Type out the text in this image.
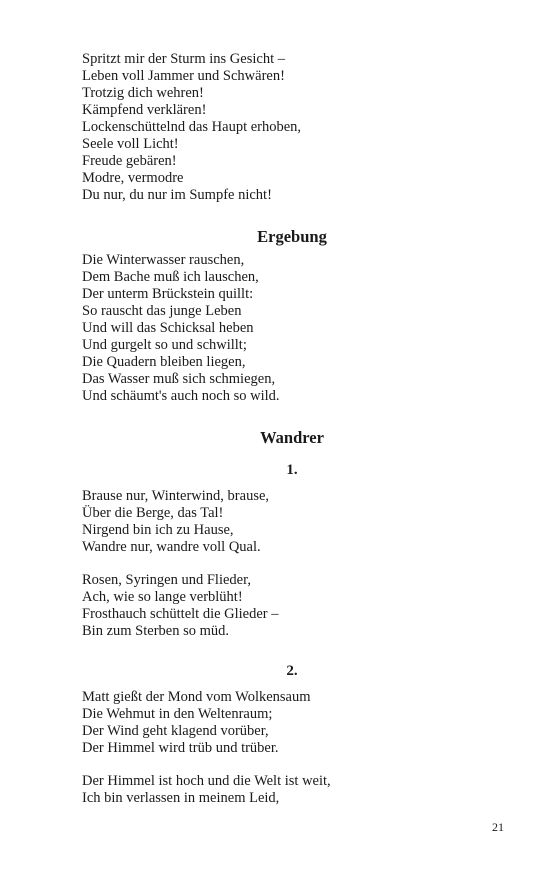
Spritzt mir der Sturm ins Gesicht –
Leben voll Jammer und Schwären!
Trotzig dich wehren!
Kämpfend verklären!
Lockenschüttelnd das Haupt erhoben,
Seele voll Licht!
Freude gebären!
Modre, vermodre
Du nur, du nur im Sumpfe nicht!
Ergebung
Die Winterwasser rauschen,
Dem Bache muß ich lauschen,
Der unterm Brückstein quillt:
So rauscht das junge Leben
Und will das Schicksal heben
Und gurgelt so und schwillt;
Die Quadern bleiben liegen,
Das Wasser muß sich schmiegen,
Und schäumt's auch noch so wild.
Wandrer
1.
Brause nur, Winterwind, brause,
Über die Berge, das Tal!
Nirgend bin ich zu Hause,
Wandre nur, wandre voll Qual.
Rosen, Syringen und Flieder,
Ach, wie so lange verblüht!
Frosthauch schüttelt die Glieder –
Bin zum Sterben so müd.
2.
Matt gießt der Mond vom Wolkensaum
Die Wehmut in den Weltenraum;
Der Wind geht klagend vorüber,
Der Himmel wird trüb und trüber.
Der Himmel ist hoch und die Welt ist weit,
Ich bin verlassen in meinem Leid,
21
